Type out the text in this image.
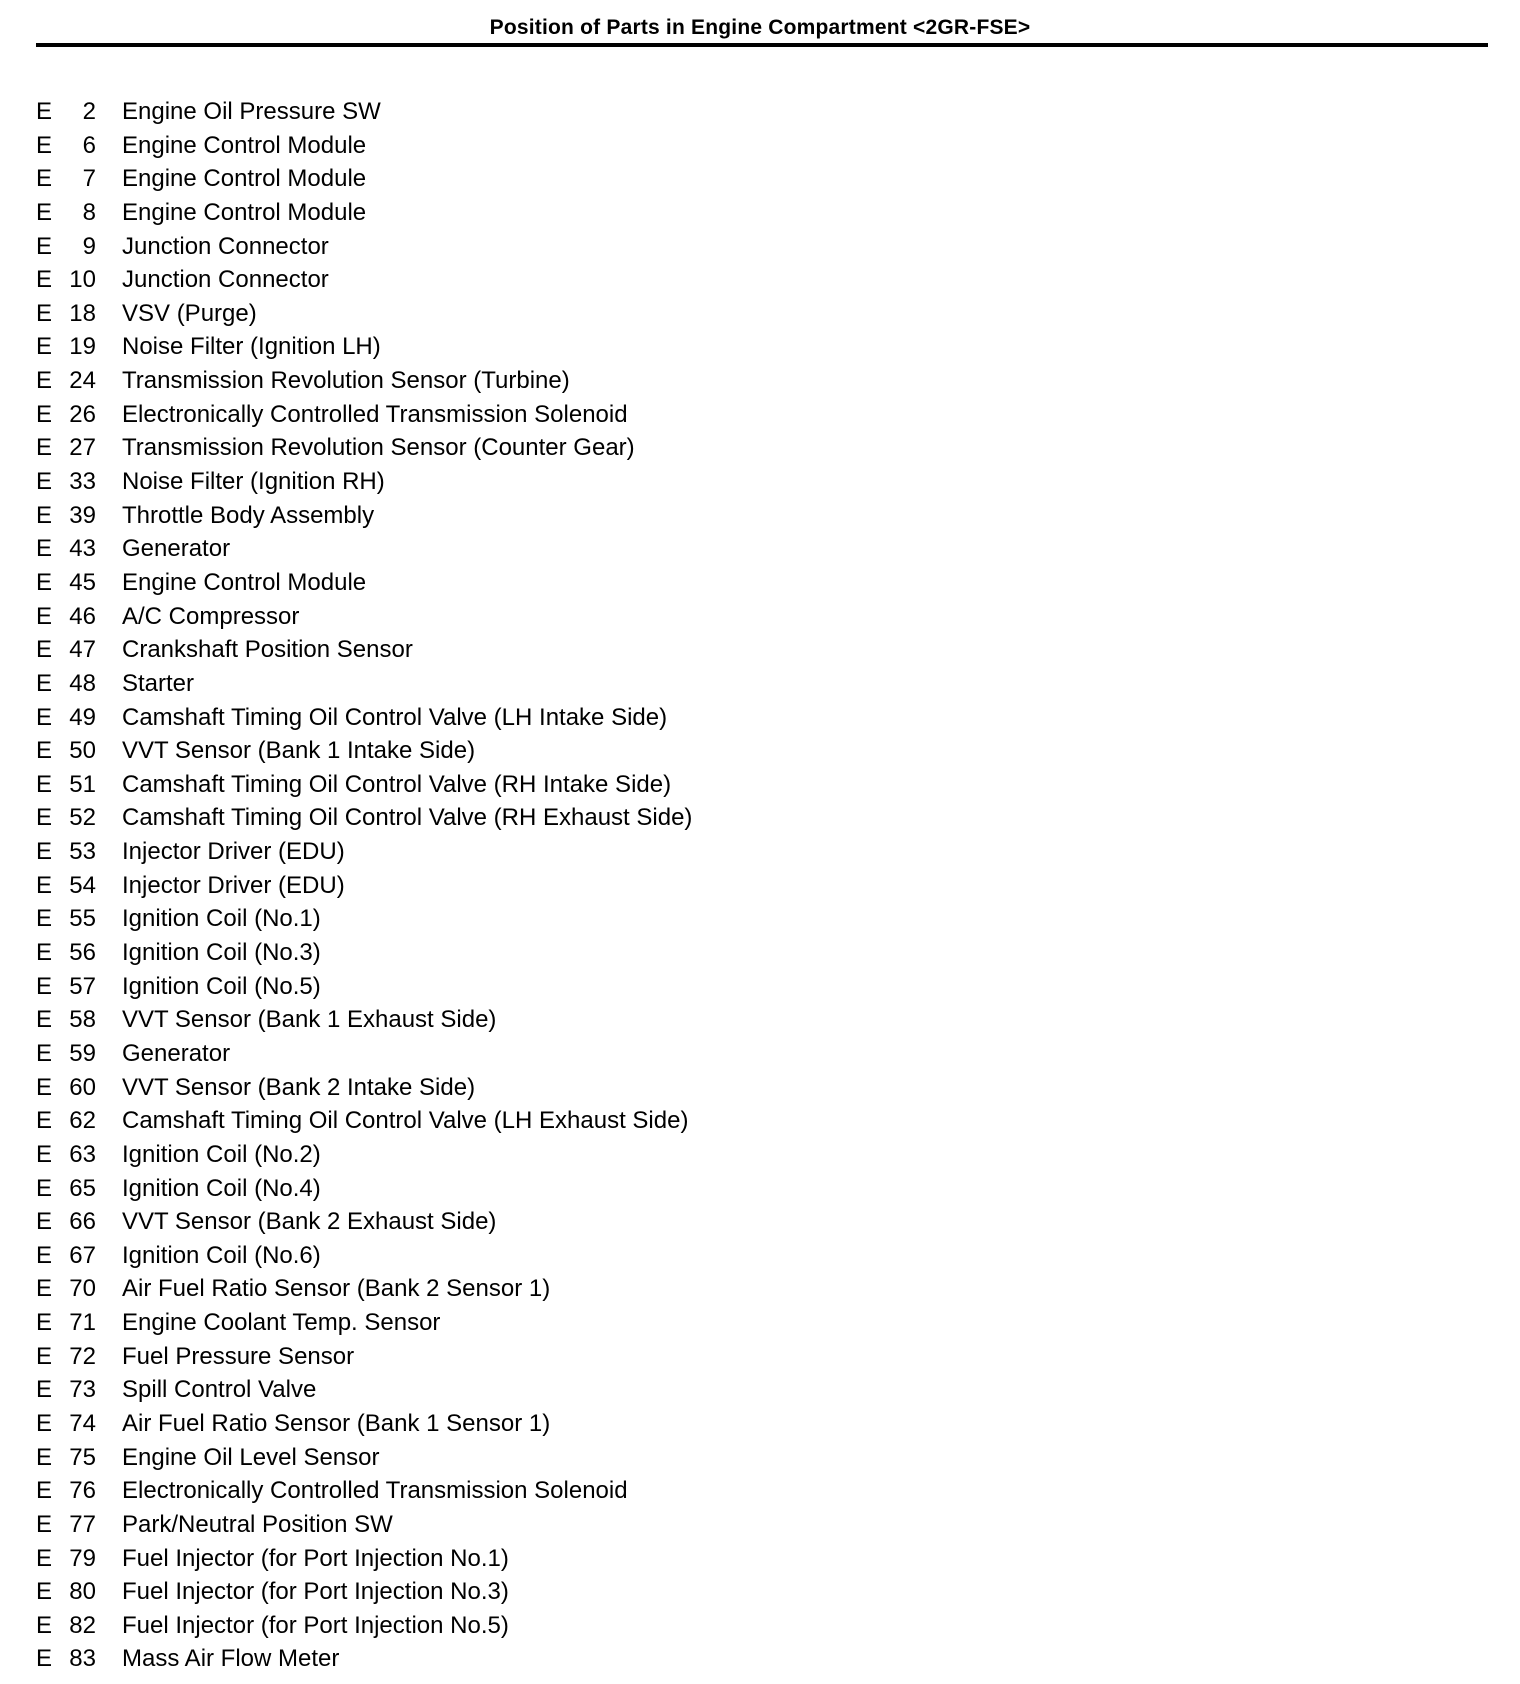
Position of Parts in Engine Compartment <2GR-FSE>
E	2 Engine Oil Pressure SW
E	6 Engine Control Module
E	7 Engine Control Module
E	8 Engine Control Module
E	9 Junction Connector
E 10 Junction Connector
E 18 VSV (Purge)
E 19 Noise Filter (Ignition LH)
E 24 Transmission Revolution Sensor (Turbine)
E 26 Electronically Controlled Transmission Solenoid
E 27 Transmission Revolution Sensor (Counter Gear)
E 33 Noise Filter (Ignition RH)
E 39 Throttle Body Assembly
E 43 Generator
E 45 Engine Control Module
E 46 A/C Compressor
E 47 Crankshaft Position Sensor
E 48 Starter
E 49 Camshaft Timing Oil Control Valve (LH Intake Side)
E 50 VVT Sensor (Bank 1 Intake Side)
E 51 Camshaft Timing Oil Control Valve (RH Intake Side)
E 52 Camshaft Timing Oil Control Valve (RH Exhaust Side)
E 53 Injector Driver (EDU)
E 54 Injector Driver (EDU)
E 55 Ignition Coil (No.1)
E 56 Ignition Coil (No.3)
E 57 Ignition Coil (No.5)
E 58 VVT Sensor (Bank 1 Exhaust Side)
E 59 Generator
E 60 VVT Sensor (Bank 2 Intake Side)
E 62 Camshaft Timing Oil Control Valve (LH Exhaust Side)
E 63 Ignition Coil (No.2)
E 65 Ignition Coil (No.4)
E 66 VVT Sensor (Bank 2 Exhaust Side)
E 67 Ignition Coil (No.6)
E 70 Air Fuel Ratio Sensor (Bank 2 Sensor 1)
E 71 Engine Coolant Temp. Sensor
E 72 Fuel Pressure Sensor
E 73 Spill Control Valve
E 74 Air Fuel Ratio Sensor (Bank 1 Sensor 1)
E 75 Engine Oil Level Sensor
E 76 Electronically Controlled Transmission Solenoid
E 77 Park/Neutral Position SW
E 79 Fuel Injector (for Port Injection No.1)
E 80 Fuel Injector (for Port Injection No.3)
E 82 Fuel Injector (for Port Injection No.5)
E 83 Mass Air Flow Meter
